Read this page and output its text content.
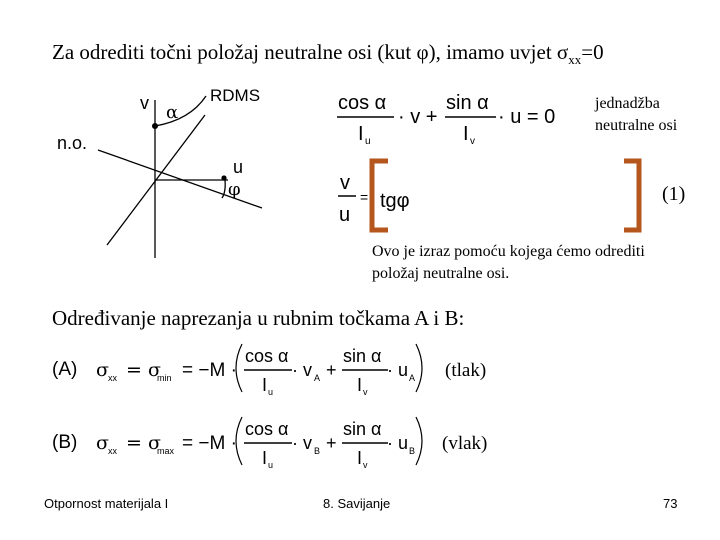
Za odrediti točni položaj neutralne osi (kut φ), imamo uvjet $\sigma_{xx}=0$
v α
RDMS
n.o.
u
φ
cos α
I u
· v +
sin α
I v
· u = 0
jednadžba neutralne osi
v
u
= tgφ	(1)
Ovo je izraz pomoću kojega ćemo odrediti položaj neutralne osi.
Određivanje naprezanja u rubnim točkama A i B:
(A) σ xx = σ
min = −M ·
cos α
I u
· v A +
sin α
I v
· u A (tlak)
(B) σ xx = σ
max = −M ·
cos α
I u
· v B +
sin α
I v
· u B (vlak)
Otpornost materijala I	8. Savijanje	73
